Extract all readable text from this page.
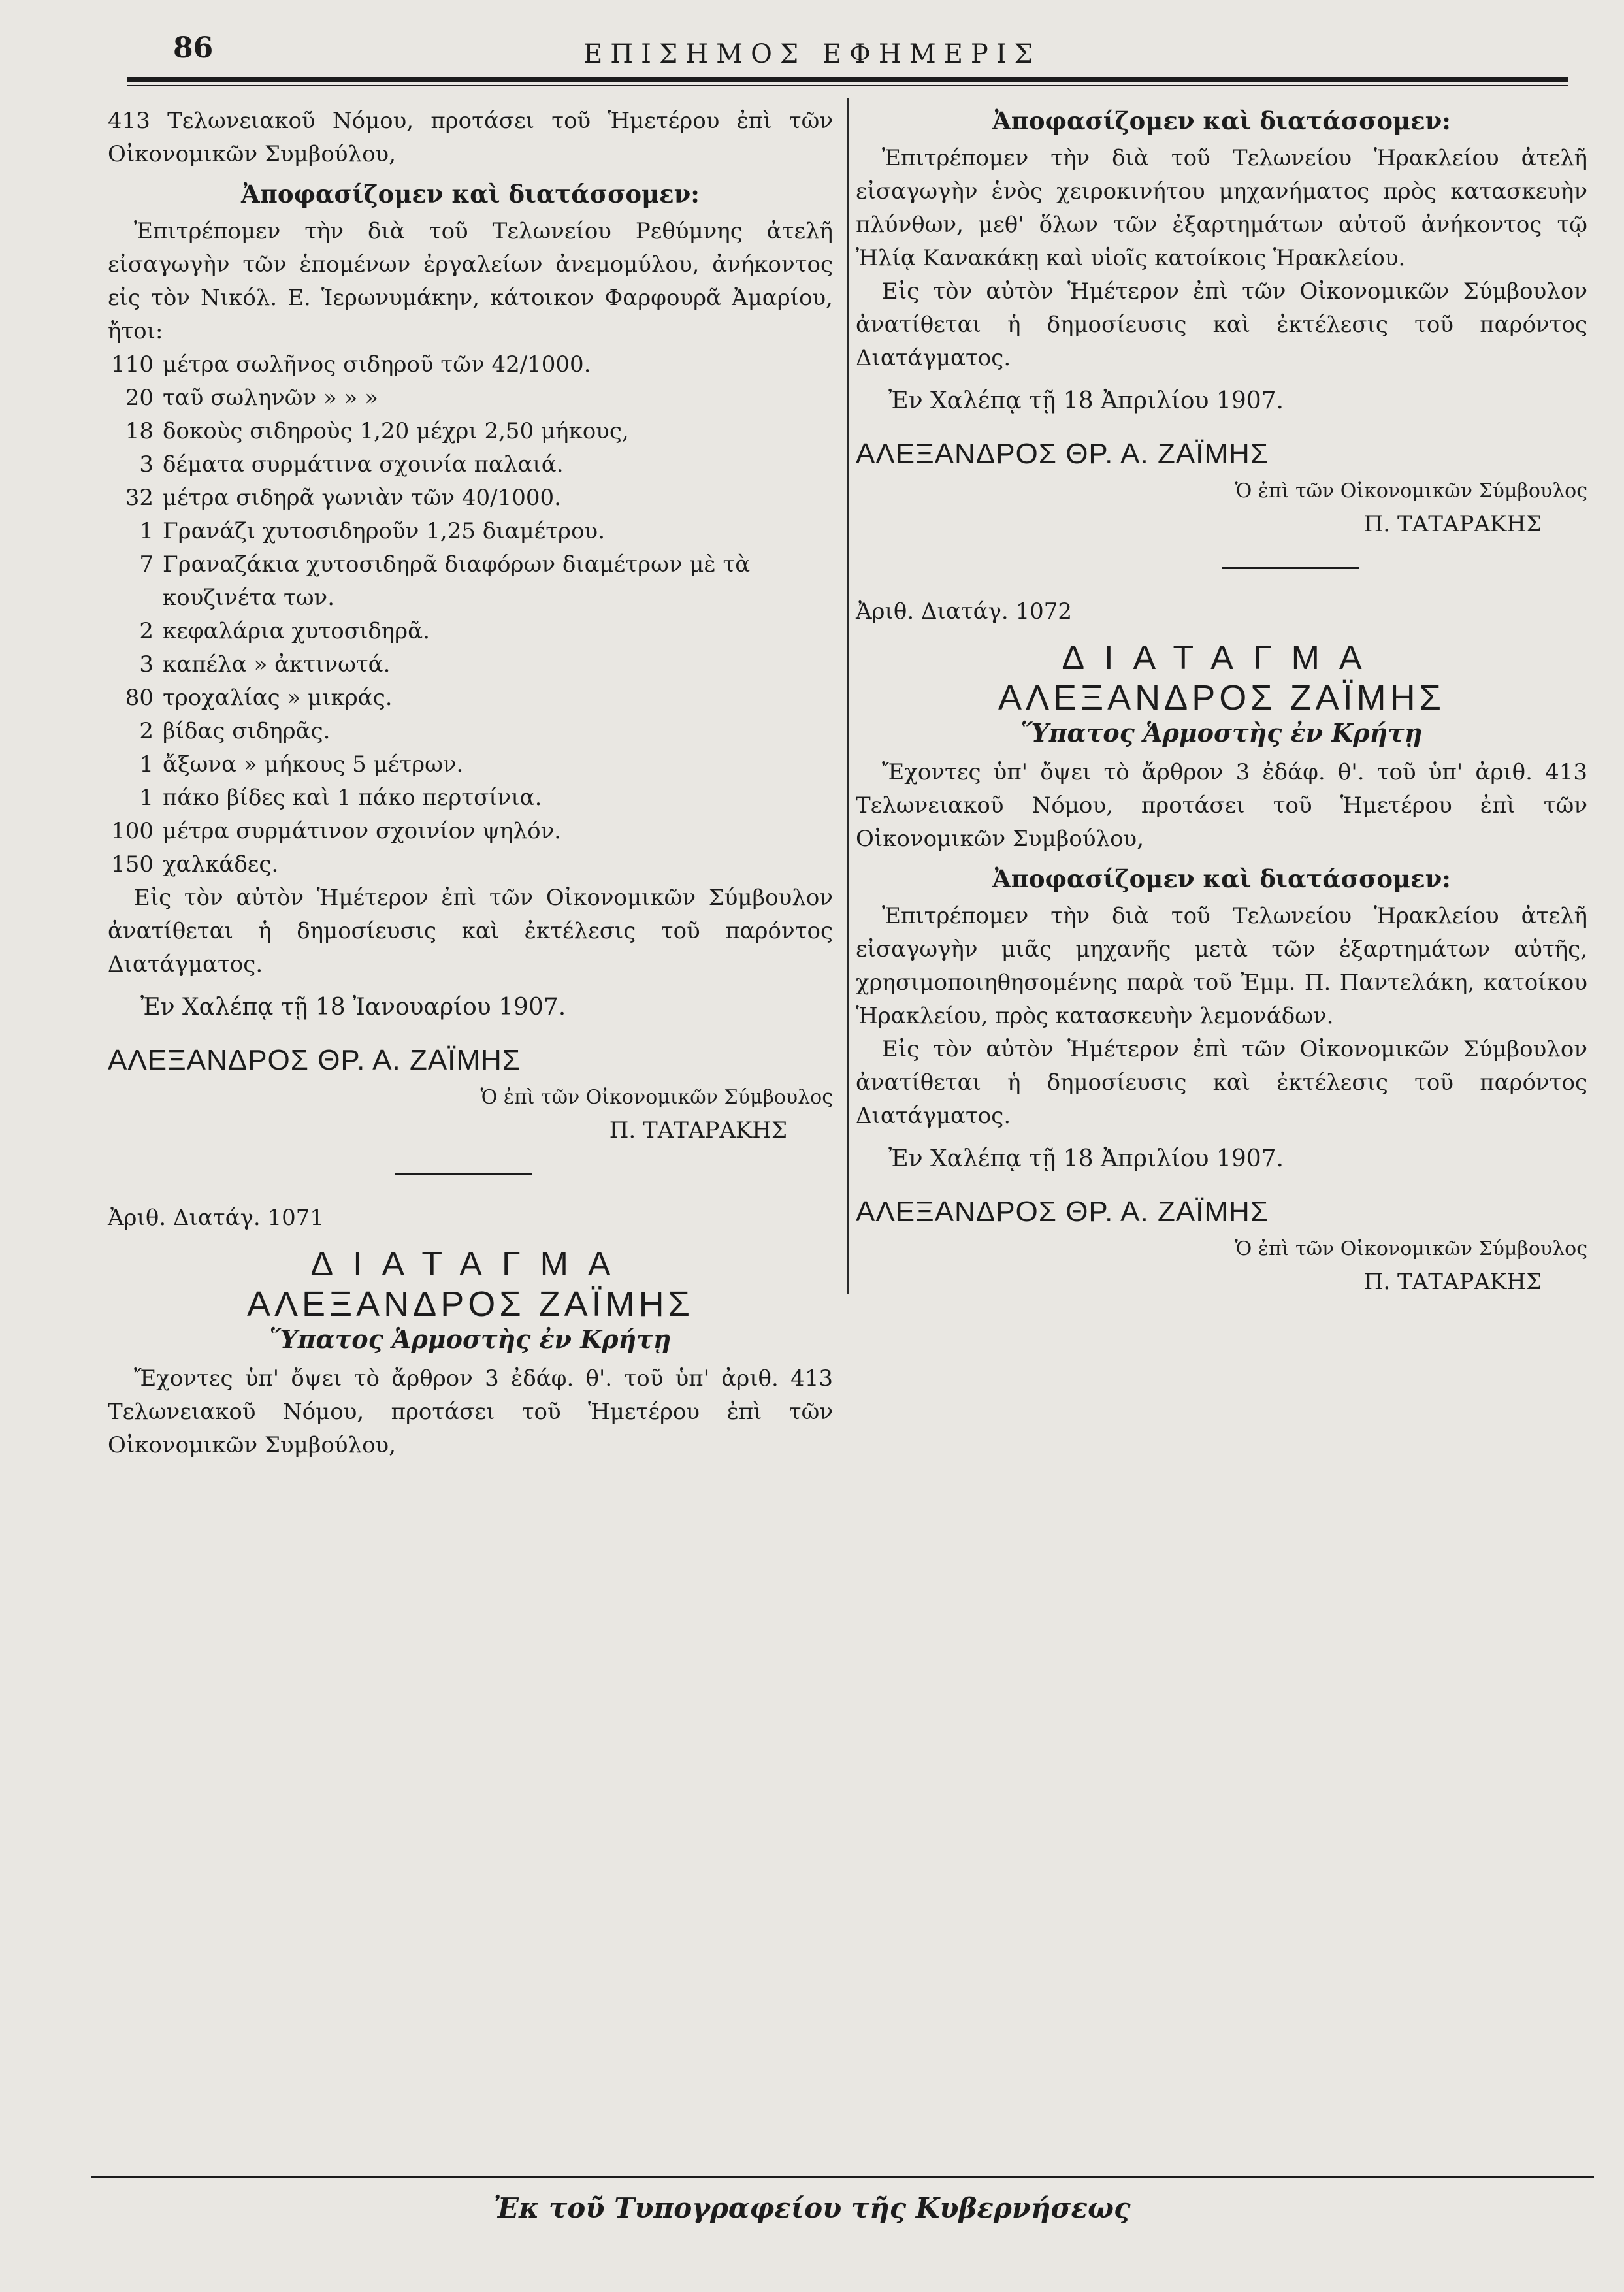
86	ΕΠΙΣΗΜΟΣ ΕΦΗΜΕΡΙΣ

413 Τελωνειακοῦ Νόμου, προτάσει τοῦ Ἡμετέρου ἐπὶ τῶν Οἰκονομικῶν Συμβούλου,

Ἀποφασίζομεν καὶ διατάσσομεν:

Ἐπιτρέπομεν τὴν διὰ τοῦ Τελωνείου Ρεθύμνης ἀτελῆ εἰσαγωγὴν τῶν ἑπομένων ἐργαλείων ἀνεμομύλου, ἀνήκοντος εἰς τὸν Νικόλ. Ε. Ἱερωνυμάκην, κάτοικον Φαρφουρᾶ Ἀμαρίου, ἤτοι:

110 μέτρα σωλῆνος σιδηροῦ τῶν 42/1000.
20 ταῦ σωληνῶν » » »
18 δοκοὺς σιδηροὺς 1,20 μέχρι 2,50 μήκους,
3 δέματα συρμάτινα σχοινία παλαιά.
32 μέτρα σιδηρᾶ γωνιὰν τῶν 40/1000.
1 Γρανάζι χυτοσιδηροῦν 1,25 διαμέτρου.
7 Γραναζάκια χυτοσιδηρᾶ διαφόρων διαμέτρων μὲ τὰ κουζινέτα των.
2 κεφαλάρια χυτοσιδηρᾶ.
3 καπέλα » ἀκτινωτά.
80 τροχαλίας » μικράς.
2 βίδας σιδηρᾶς.
1 ἄξωνα » μήκους 5 μέτρων.
1 πάκο βίδες καὶ 1 πάκο περτσίνια.
100 μέτρα συρμάτινον σχοινίον ψηλόν.
150 χαλκάδες.

Εἰς τὸν αὐτὸν Ἡμέτερον ἐπὶ τῶν Οἰκονομικῶν Σύμβουλον ἀνατίθεται ἡ δημοσίευσις καὶ ἐκτέλεσις τοῦ παρόντος Διατάγματος.

Ἐν Χαλέπᾳ τῇ 18 Ἰανουαρίου 1907.
ΑΛΕΞΑΝΔΡΟΣ ΘΡ. Α. ΖΑΪΜΗΣ
Ὁ ἐπὶ τῶν Οἰκονομικῶν Σύμβουλος
Π. ΤΑΤΑΡΑΚΗΣ
Ἀριθ. Διατάγ. 1071
ΔΙΑΤΑΓΜΑ
ΑΛΕΞΑΝΔΡΟΣ ΖΑΪΜΗΣ
Ὕπατος Ἁρμοστὴς ἐν Κρήτῃ

Ἔχοντες ὑπ' ὄψει τὸ ἄρθρον 3 ἐδάφ. θ'. τοῦ ὑπ' ἀριθ. 413 Τελωνειακοῦ Νόμου, προτάσει τοῦ Ἡμετέρου ἐπὶ τῶν Οἰκονομικῶν Συμβούλου,

Ἀποφασίζομεν καὶ διατάσσομεν:

Ἐπιτρέπομεν τὴν διὰ τοῦ Τελωνείου Ἡρακλείου ἀτελῆ εἰσαγωγὴν ἑνὸς χειροκινήτου μηχανήματος πρὸς κατασκευὴν πλύνθων, μεθ' ὅλων τῶν ἐξαρτημάτων αὐτοῦ ἀνήκοντος τῷ Ἠλίᾳ Κανακάκῃ καὶ υἱοῖς κατοίκοις Ἡρακλείου.

Εἰς τὸν αὐτὸν Ἡμέτερον ἐπὶ τῶν Οἰκονομικῶν Σύμβουλον ἀνατίθεται ἡ δημοσίευσις καὶ ἐκτέλεσις τοῦ παρόντος Διατάγματος.

Ἐν Χαλέπᾳ τῇ 18 Ἀπριλίου 1907.
ΑΛΕΞΑΝΔΡΟΣ ΘΡ. Α. ΖΑΪΜΗΣ
Ὁ ἐπὶ τῶν Οἰκονομικῶν Σύμβουλος
Π. ΤΑΤΑΡΑΚΗΣ
Ἀριθ. Διατάγ. 1072
ΔΙΑΤΑΓΜΑ
ΑΛΕΞΑΝΔΡΟΣ ΖΑΪΜΗΣ
Ὕπατος Ἁρμοστὴς ἐν Κρήτῃ

Ἔχοντες ὑπ' ὄψει τὸ ἄρθρον 3 ἐδάφ. θ'. τοῦ ὑπ' ἀριθ. 413 Τελωνειακοῦ Νόμου, προτάσει τοῦ Ἡμετέρου ἐπὶ τῶν Οἰκονομικῶν Συμβούλου,

Ἀποφασίζομεν καὶ διατάσσομεν:

Ἐπιτρέπομεν τὴν διὰ τοῦ Τελωνείου Ἡρακλείου ἀτελῆ εἰσαγωγὴν μιᾶς μηχανῆς μετὰ τῶν ἐξαρτημάτων αὐτῆς, χρησιμοποιηθησομένης παρὰ τοῦ Ἐμμ. Π. Παντελάκη, κατοίκου Ἡρακλείου, πρὸς κατασκευὴν λεμονάδων.

Εἰς τὸν αὐτὸν Ἡμέτερον ἐπὶ τῶν Οἰκονομικῶν Σύμβουλον ἀνατίθεται ἡ δημοσίευσις καὶ ἐκτέλεσις τοῦ παρόντος Διατάγματος.

Ἐν Χαλέπᾳ τῇ 18 Ἀπριλίου 1907.
ΑΛΕΞΑΝΔΡΟΣ ΘΡ. Α. ΖΑΪΜΗΣ
Ὁ ἐπὶ τῶν Οἰκονομικῶν Σύμβουλος
Π. ΤΑΤΑΡΑΚΗΣ
Ἐκ τοῦ Τυπογραφείου τῆς Κυβερνήσεως
